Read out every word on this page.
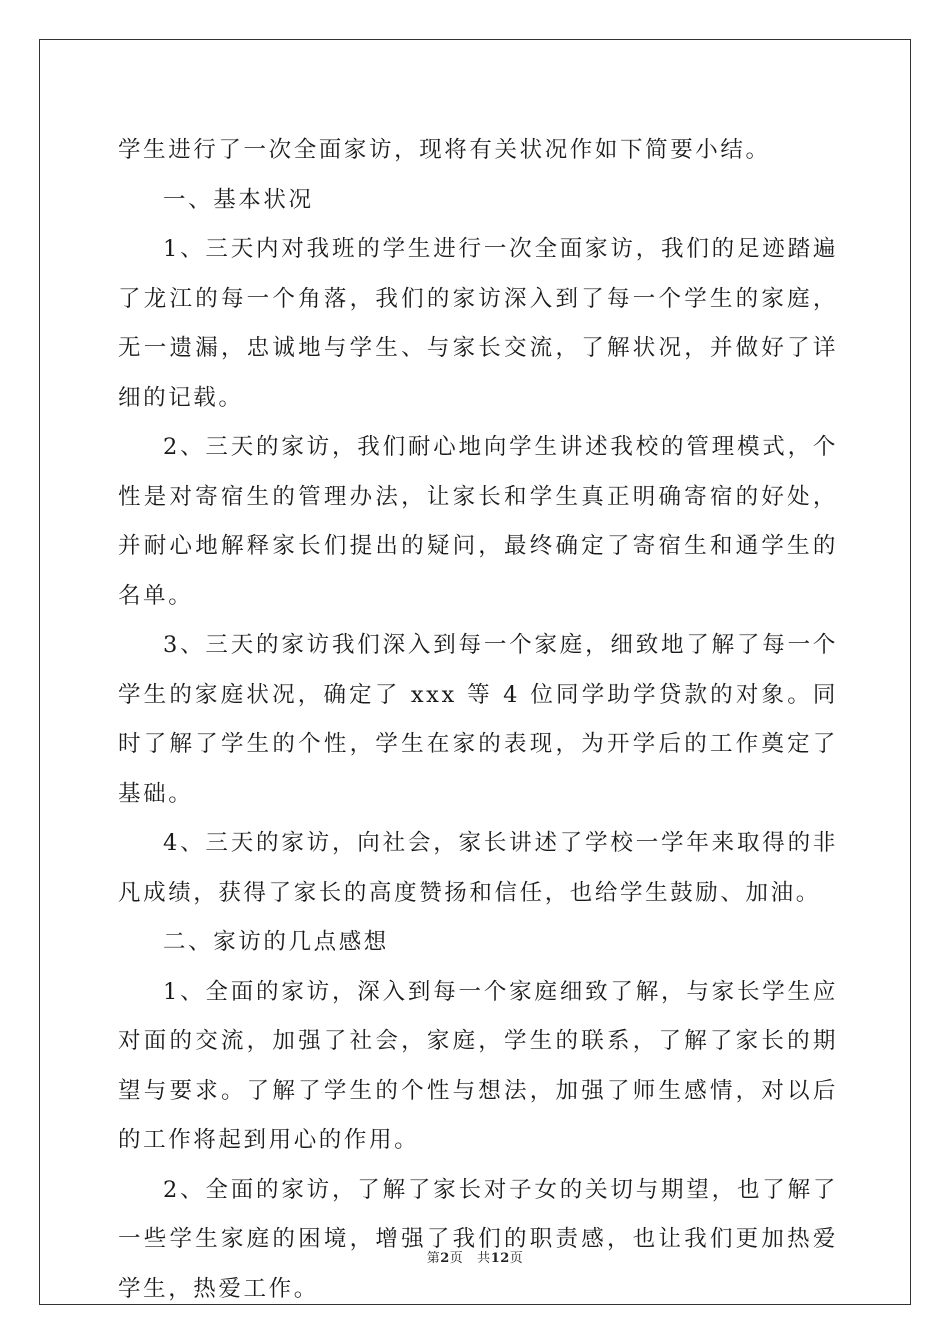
学生进行了一次全面家访，现将有关状况作如下简要小结。

一、基本状况

1、三天内对我班的学生进行一次全面家访，我们的足迹踏遍了龙江的每一个角落，我们的家访深入到了每一个学生的家庭，无一遗漏，忠诚地与学生、与家长交流，了解状况，并做好了详细的记载。

2、三天的家访，我们耐心地向学生讲述我校的管理模式，个性是对寄宿生的管理办法，让家长和学生真正明确寄宿的好处，并耐心地解释家长们提出的疑问，最终确定了寄宿生和通学生的名单。

3、三天的家访我们深入到每一个家庭，细致地了解了每一个学生的家庭状况，确定了 xxx 等 4 位同学助学贷款的对象。同时了解了学生的个性，学生在家的表现，为开学后的工作奠定了基础。

4、三天的家访，向社会，家长讲述了学校一学年来取得的非凡成绩，获得了家长的高度赞扬和信任，也给学生鼓励、加油。

二、家访的几点感想

1、全面的家访，深入到每一个家庭细致了解，与家长学生应对面的交流，加强了社会，家庭，学生的联系，了解了家长的期望与要求。了解了学生的个性与想法，加强了师生感情，对以后的工作将起到用心的作用。

2、全面的家访，了解了家长对子女的关切与期望，也了解了一些学生家庭的困境，增强了我们的职责感，也让我们更加热爱学生，热爱工作。

第2页 共12页
